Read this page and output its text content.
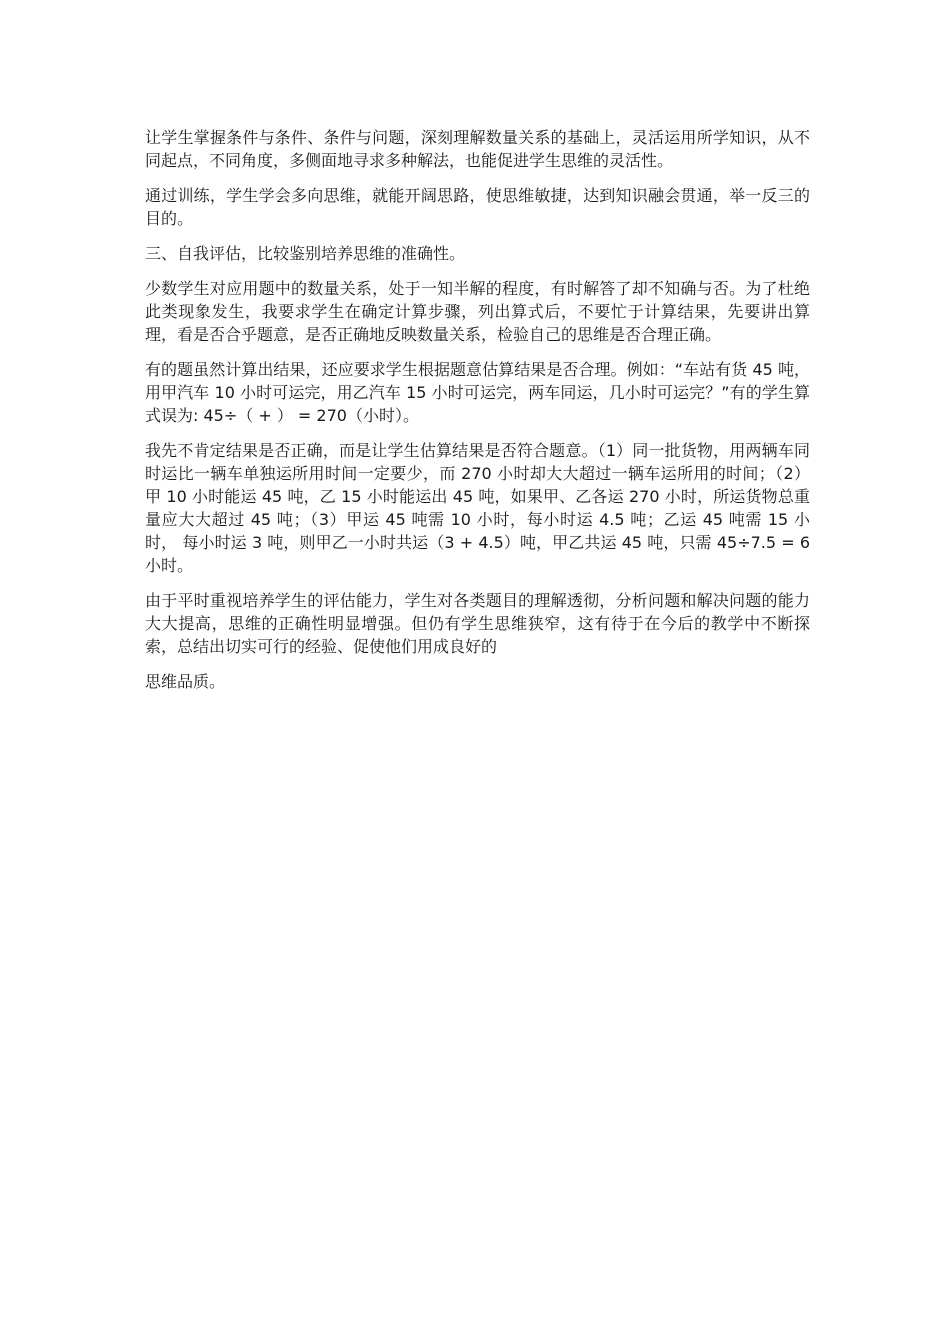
让学生掌握条件与条件、条件与问题，深刻理解数量关系的基础上，灵活运用所学知识，从不同起点，不同角度，多侧面地寻求多种解法，也能促进学生思维的灵活性。

通过训练，学生学会多向思维，就能开阔思路，使思维敏捷，达到知识融会贯通，举一反三的目的。

三、自我评估，比较鉴别培养思维的准确性。

少数学生对应用题中的数量关系，处于一知半解的程度，有时解答了却不知确与否。为了杜绝此类现象发生，我要求学生在确定计算步骤，列出算式后，不要忙于计算结果，先要讲出算理，看是否合乎题意，是否正确地反映数量关系，检验自己的思维是否合理正确。

有的题虽然计算出结果，还应要求学生根据题意估算结果是否合理。例如：“车站有货 45 吨，用甲汽车 10 小时可运完，用乙汽车 15 小时可运完，两车同运，几小时可运完？”有的学生算式误为: 45÷（ + ） = 270（小时）。

我先不肯定结果是否正确，而是让学生估算结果是否符合题意。（1）同一批货物，用两辆车同时运比一辆车单独运所用时间一定要少，而 270 小时却大大超过一辆车运所用的时间；（2）甲 10 小时能运 45 吨，乙 15 小时能运出 45 吨，如果甲、乙各运 270 小时，所运货物总重量应大大超过 45 吨；（3）甲运 45 吨需 10 小时，每小时运 4.5 吨；乙运 45 吨需 15 小时， 每小时运 3 吨，则甲乙一小时共运（3 + 4.5）吨，甲乙共运 45 吨，只需 45÷7.5 = 6 小时。

由于平时重视培养学生的评估能力，学生对各类题目的理解透彻，分析问题和解决问题的能力大大提高，思维的正确性明显增强。但仍有学生思维狭窄，这有待于在今后的教学中不断探索，总结出切实可行的经验、促使他们用成良好的

思维品质。
